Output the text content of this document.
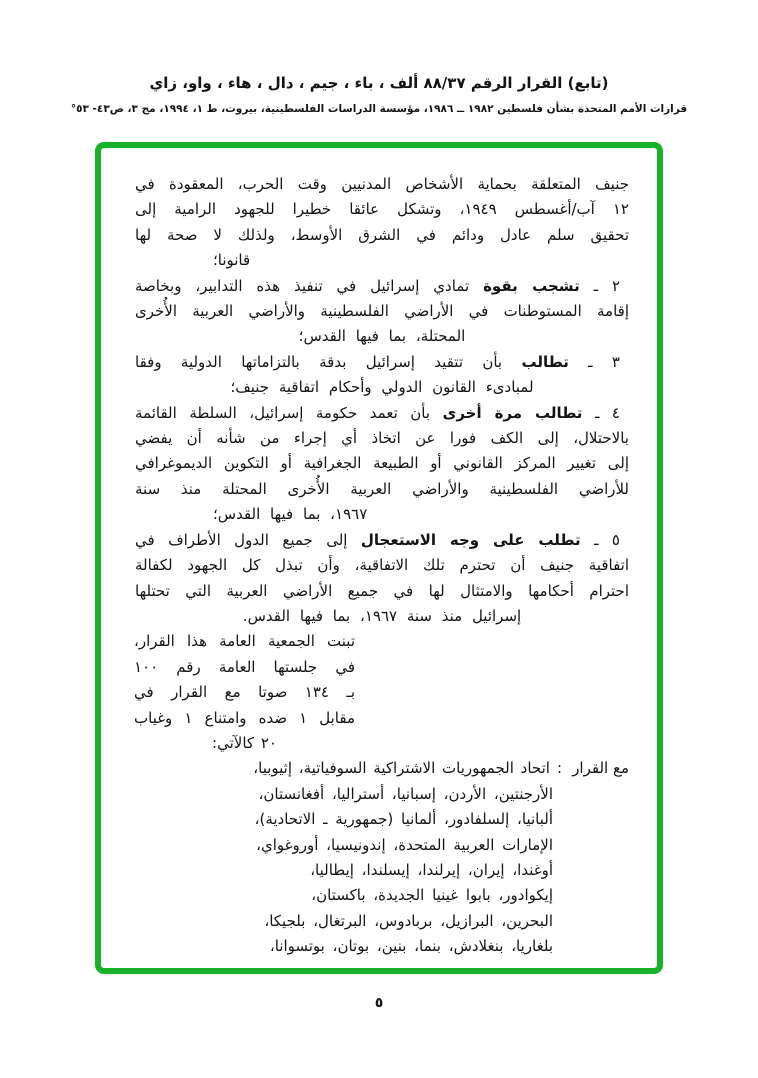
(تابع) القرار الرقم ٨٨/٣٧ ألف ، باء ، جيم ، دال ، هاء ، واو، زاي
قرارات الأمم المتحدة بشأن فلسطين ١٩٨٢ ــ ١٩٨٦، مؤسسة الدراسات الفلسطينية، بيروت، ط ١، ١٩٩٤، مج ٣، ص٤٣- ٥٣°
جنيف المتعلقة بحماية الأشخاص المدنيين وقت الحرب، المعقودة في
١٢ آب/أغسطس ١٩٤٩، وتشكل عائقا خطيرا للجهود الرامية إلى
تحقيق سلم عادل ودائم في الشرق الأوسط، ولذلك لا صحة لها
قانونا؛
٢ ـ تشجب بقوة تمادي إسرائيل في تنفيذ هذه التدابير، وبخاصة
إقامة المستوطنات في الأراضي الفلسطينية والأراضي العربية الأُخرى
المحتلة، بما فيها القدس؛
٣ ـ تطالب بأن تتقيد إسرائيل بدقة بالتزاماتها الدولية وفقا
لمبادىء القانون الدولي وأحكام اتفاقية جنيف؛
٤ ـ تطالب مرة أخرى بأن تعمد حكومة إسرائيل، السلطة القائمة
بالاحتلال، إلى الكف فورا عن اتخاذ أي إجراء من شأنه أن يفضي
إلى تغيير المركز القانوني أو الطبيعة الجغرافية أو التكوين الديموغرافي
للأراضي الفلسطينية والأراضي العربية الأُخرى المحتلة منذ سنة
١٩٦٧، بما فيها القدس؛
٥ ـ تطلب على وجه الاستعجال إلى جميع الدول الأطراف في
اتفاقية جنيف أن تحترم تلك الاتفاقية، وأن تبذل كل الجهود لكفالة
احترام أحكامها والامتثال لها في جميع الأراضي العربية التي تحتلها
إسرائيل منذ سنة ١٩٦٧، بما فيها القدس.
تبنت الجمعية العامة هذا القرار،
في جلستها العامة رقم ١٠٠
بـ ١٣٤ صوتا مع القرار في
مقابل ١ ضده وامتناع ١ وغياب
٢٠ كالآتي:
مع القرار
:
اتحاد الجمهوريات الاشتراكية السوفياتية، إثيوبيا،
الأرجنتين، الأردن، إسبانيا، أستراليا، أفغانستان،
ألبانيا، إلسلفادور، ألمانيا (جمهورية ـ الاتحادية)،
الإمارات العربية المتحدة، إندونيسيا، أوروغواي،
أوغندا، إيران، إيرلندا، إيسلندا، إيطاليا،
إيكوادور، بابوا غينيا الجديدة، باكستان،
البحرين، البرازيل، بربادوس، البرتغال، بلجيكا،
بلغاريا، بنغلادش، بنما، بنين، بوتان، بوتسوانا،
٥
